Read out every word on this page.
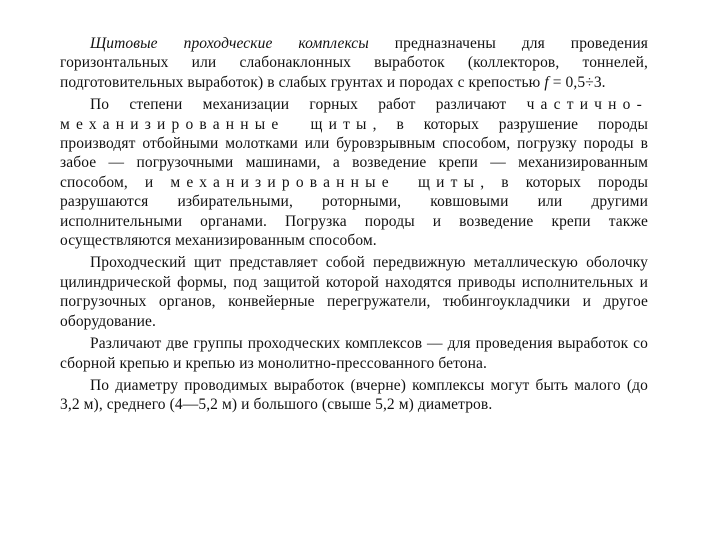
Щитовые проходческие комплексы предназначены для проведения горизонтальных или слабонаклонных выработок (коллекторов, тоннелей, подготовительных выработок) в слабых грунтах и породах с крепостью f = 0,5÷3.

По степени механизации горных работ различают частично-механизированные щиты, в которых разрушение породы производят отбойными молотками или буровзрывным способом, погрузку породы в забое — погрузочными машинами, а возведение крепи — механизированным способом, и механизированные щиты, в которых породы разрушаются избирательными, роторными, ковшовыми или другими исполнительными органами. Погрузка породы и возведение крепи также осуществляются механизированным способом.

Проходческий щит представляет собой передвижную металлическую оболочку цилиндрической формы, под защитой которой находятся приводы исполнительных и погрузочных органов, конвейерные перегружатели, тюбингоукладчики и другое оборудование.

Различают две группы проходческих комплексов — для проведения выработок со сборной крепью и крепью из монолитно-прессованного бетона.

По диаметру проводимых выработок (вчерне) комплексы могут быть малого (до 3,2 м), среднего (4—5,2 м) и большого (свыше 5,2 м) диаметров.
